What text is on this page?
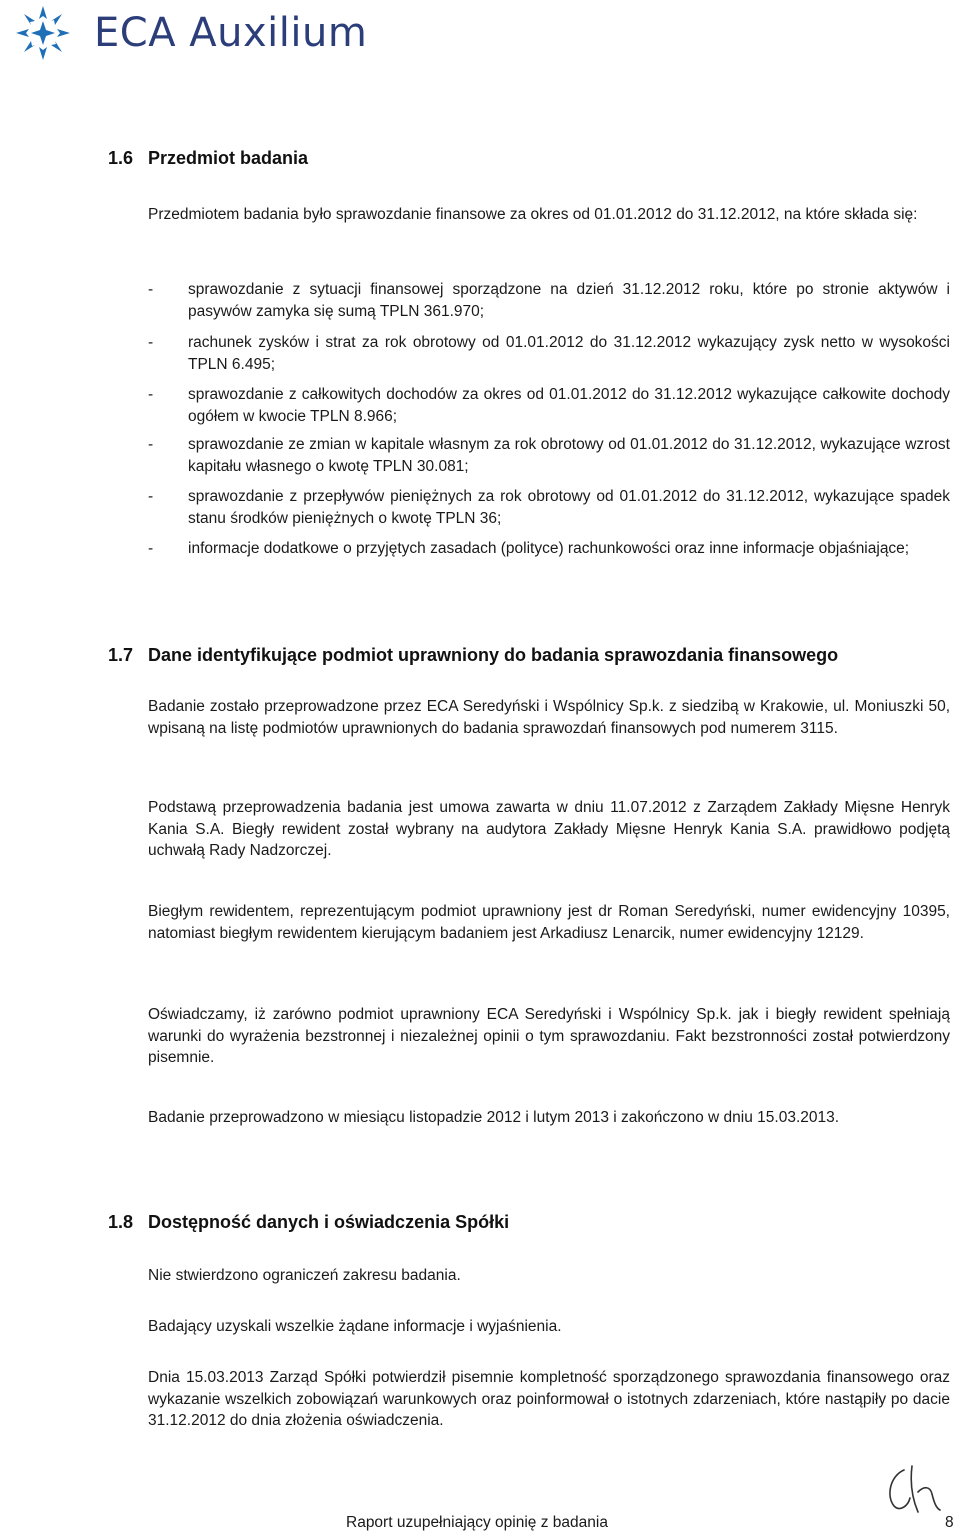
ECA Auxilium
1.6 Przedmiot badania
Przedmiotem badania było sprawozdanie finansowe za okres od 01.01.2012 do 31.12.2012, na które składa się:
- sprawozdanie z sytuacji finansowej sporządzone na dzień 31.12.2012 roku, które po stronie aktywów i pasywów zamyka się sumą TPLN 361.970;
- rachunek zysków i strat za rok obrotowy od 01.01.2012 do 31.12.2012 wykazujący zysk netto w wysokości TPLN 6.495;
- sprawozdanie z całkowitych dochodów za okres od 01.01.2012 do 31.12.2012 wykazujące całkowite dochody ogółem w kwocie TPLN 8.966;
- sprawozdanie ze zmian w kapitale własnym za rok obrotowy od 01.01.2012 do 31.12.2012, wykazujące wzrost kapitału własnego o kwotę TPLN 30.081;
- sprawozdanie z przepływów pieniężnych za rok obrotowy od 01.01.2012 do 31.12.2012, wykazujące spadek stanu środków pieniężnych o kwotę TPLN 36;
- informacje dodatkowe o przyjętych zasadach (polityce) rachunkowości oraz inne informacje objaśniające;
1.7 Dane identyfikujące podmiot uprawniony do badania sprawozdania finansowego
Badanie zostało przeprowadzone przez ECA Seredyński i Wspólnicy Sp.k. z siedzibą w Krakowie, ul. Moniuszki 50, wpisaną na listę podmiotów uprawnionych do badania sprawozdań finansowych pod numerem 3115.
Podstawą przeprowadzenia badania jest umowa zawarta w dniu 11.07.2012 z Zarządem Zakłady Mięsne Henryk Kania S.A. Biegły rewident został wybrany na audytora Zakłady Mięsne Henryk Kania S.A. prawidłowo podjętą uchwałą Rady Nadzorczej.
Biegłym rewidentem, reprezentującym podmiot uprawniony jest dr Roman Seredyński, numer ewidencyjny 10395, natomiast biegłym rewidentem kierującym badaniem jest Arkadiusz Lenarcik, numer ewidencyjny 12129.
Oświadczamy, iż zarówno podmiot uprawniony ECA Seredyński i Wspólnicy Sp.k. jak i biegły rewident spełniają warunki do wyrażenia bezstronnej i niezależnej opinii o tym sprawozdaniu. Fakt bezstronności został potwierdzony pisemnie.
Badanie przeprowadzono w miesiącu listopadzie 2012 i lutym 2013 i zakończono w dniu 15.03.2013.
1.8 Dostępność danych i oświadczenia Spółki
Nie stwierdzono ograniczeń zakresu badania.
Badający uzyskali wszelkie żądane informacje i wyjaśnienia.
Dnia 15.03.2013 Zarząd Spółki potwierdził pisemnie kompletność sporządzonego sprawozdania finansowego oraz wykazanie wszelkich zobowiązań warunkowych oraz poinformował o istotnych zdarzeniach, które nastąpiły po dacie 31.12.2012 do dnia złożenia oświadczenia.
Raport uzupełniający opinię z badania	8
